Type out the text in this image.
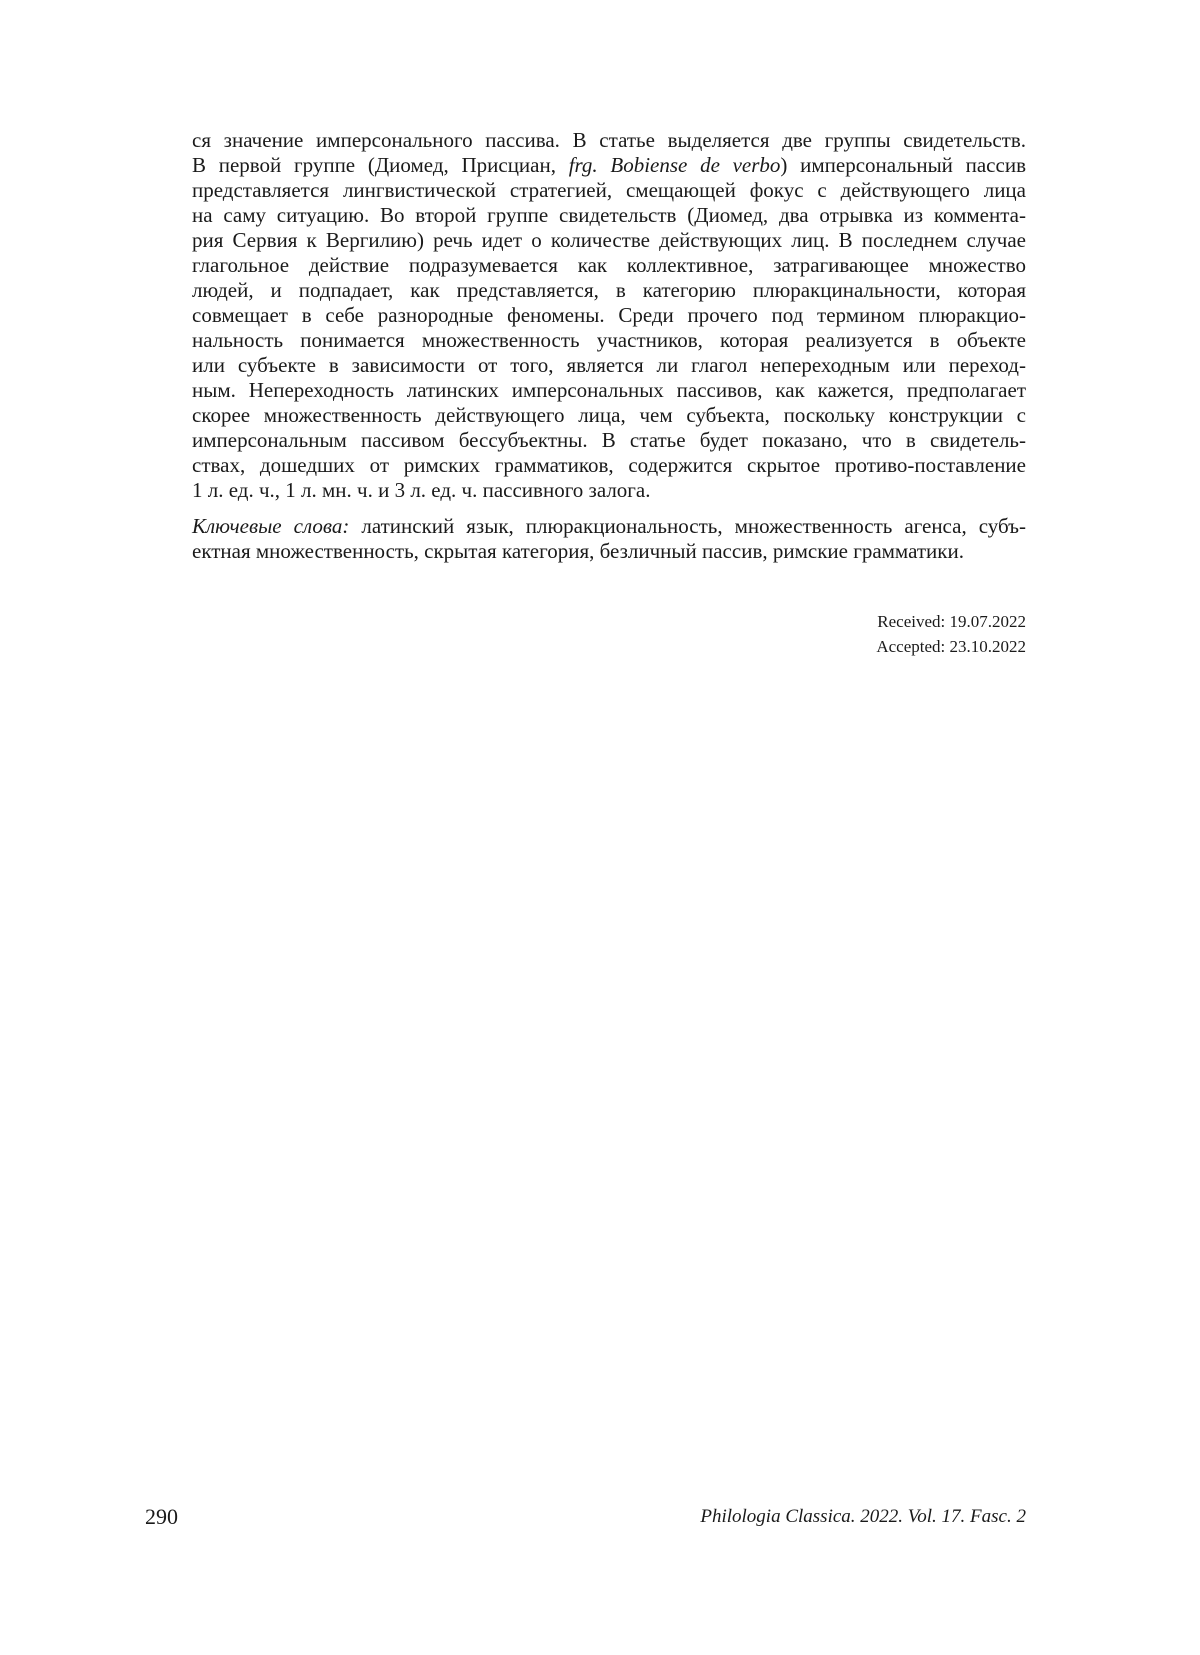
ся значение имперсонального пассива. В статье выделяется две группы свидетельств.
В первой группе (Диомед, Присциан, frg. Bobiense de verbo) имперсональный пассив
представляется лингвистической стратегией, смещающей фокус с действующего лица
на саму ситуацию. Во второй группе свидетельств (Диомед, два отрывка из коммента-
рия Сервия к Вергилию) речь идет о количестве действующих лиц. В последнем случае
глагольное действие подразумевается как коллективное, затрагивающее множество
людей, и подпадает, как представляется, в категорию плюракцинальности, которая
совмещает в себе разнородные феномены. Среди прочего под термином плюракцио-
нальность понимается множественность участников, которая реализуется в объекте
или субъекте в зависимости от того, является ли глагол непереходным или переход-
ным. Непереходность латинских имперсональных пассивов, как кажется, предполагает
скорее множественность действующего лица, чем субъекта, поскольку конструкции с
имперсональным пассивом бессубъектны. В статье будет показано, что в свидетель-
ствах, дошедших от римских грамматиков, содержится скрытое противо-поставление
1 л. ед. ч., 1 л. мн. ч. и 3 л. ед. ч. пассивного залога.
Ключевые слова: латинский язык, плюракциональность, множественность агенса, субъ-
ектная множественность, скрытая категория, безличный пассив, римские грамматики.
Received: 19.07.2022
Accepted: 23.10.2022
290	Philologia Classica. 2022. Vol. 17. Fasc. 2
